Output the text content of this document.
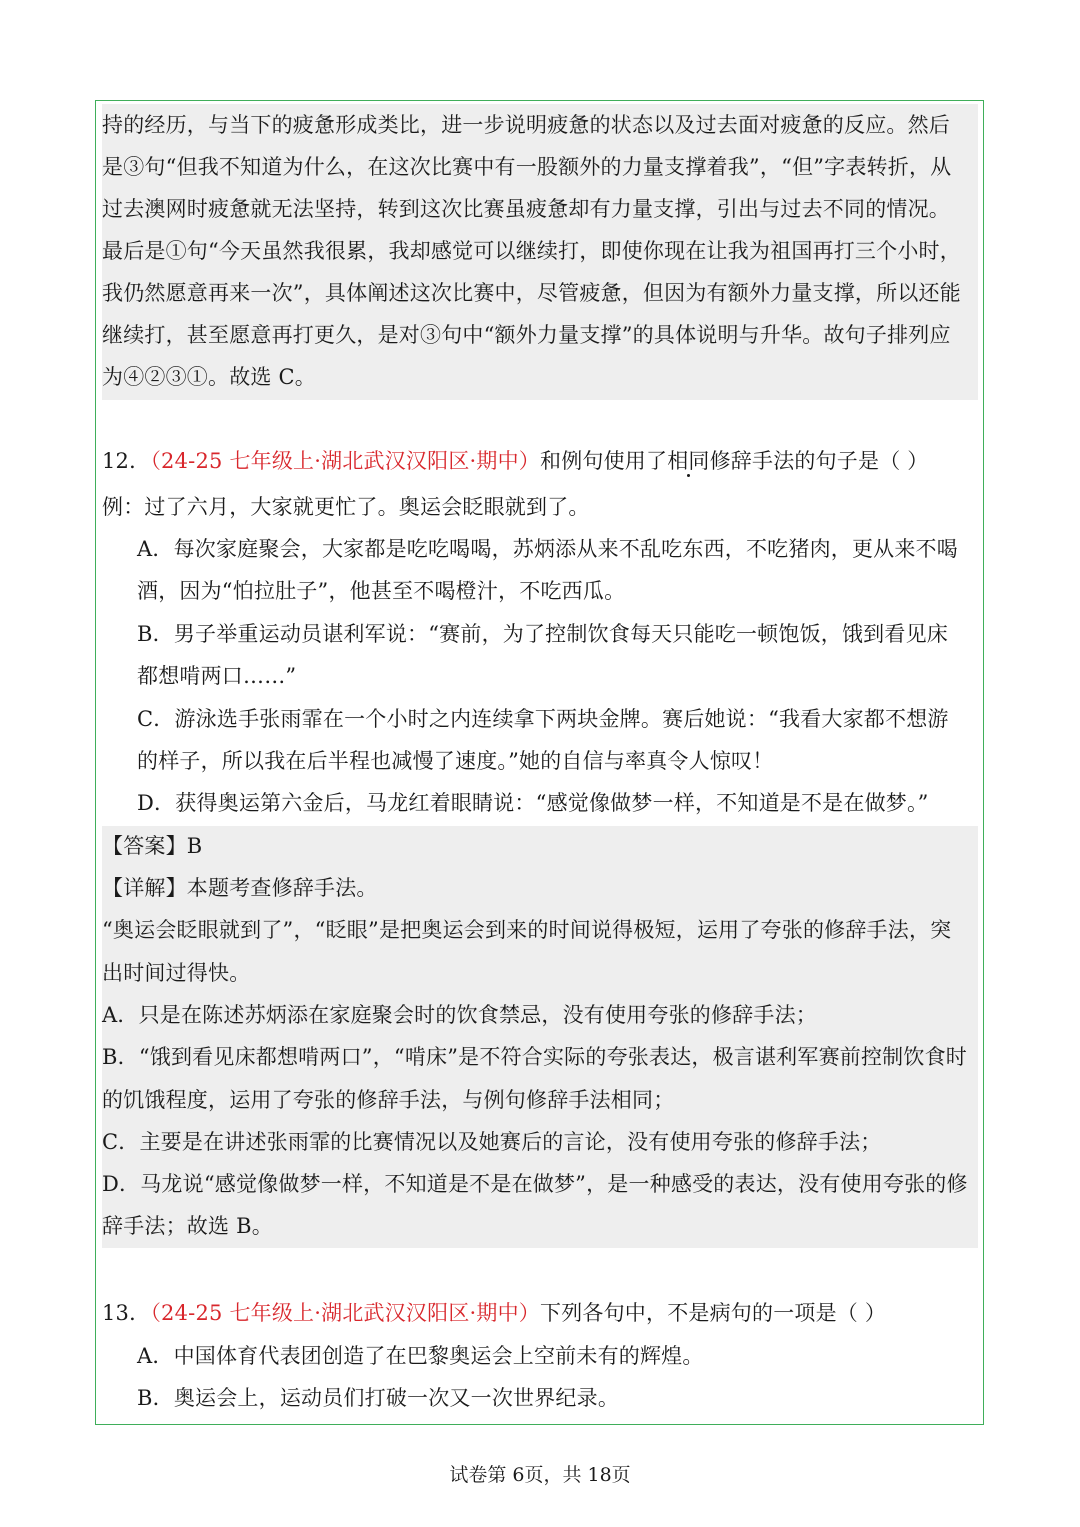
持的经历，与当下的疲惫形成类比，进一步说明疲惫的状态以及过去面对疲惫的反应。然后
是③句“但我不知道为什么，在这次比赛中有一股额外的力量支撑着我”，“但”字表转折，从
过去澳网时疲惫就无法坚持，转到这次比赛虽疲惫却有力量支撑，引出与过去不同的情况。
最后是①句“今天虽然我很累，我却感觉可以继续打，即使你现在让我为祖国再打三个小时，
我仍然愿意再来一次”，具体阐述这次比赛中，尽管疲惫，但因为有额外力量支撑，所以还能
继续打，甚至愿意再打更久，是对③句中“额外力量支撑”的具体说明与升华。故句子排列应
为④②③①。故选 C。
12．（24-25 七年级上·湖北武汉汉阳区·期中）和例句使用了相同修辞手法的句子是（ ）
例：过了六月，大家就更忙了。奥运会眨眼就到了。
A．每次家庭聚会，大家都是吃吃喝喝，苏炳添从来不乱吃东西，不吃猪肉，更从来不喝
酒，因为“怕拉肚子”，他甚至不喝橙汁，不吃西瓜。
B．男子举重运动员谌利军说：“赛前，为了控制饮食每天只能吃一顿饱饭，饿到看见床
都想啃两口……”
C．游泳选手张雨霏在一个小时之内连续拿下两块金牌。赛后她说：“我看大家都不想游
的样子，所以我在后半程也减慢了速度。”她的自信与率真令人惊叹！
D．获得奥运第六金后，马龙红着眼睛说：“感觉像做梦一样，不知道是不是在做梦。”
【答案】B
【详解】本题考查修辞手法。
“奥运会眨眼就到了”，“眨眼”是把奥运会到来的时间说得极短，运用了夸张的修辞手法，突
出时间过得快。
A．只是在陈述苏炳添在家庭聚会时的饮食禁忌，没有使用夸张的修辞手法；
B．“饿到看见床都想啃两口”，“啃床”是不符合实际的夸张表达，极言谌利军赛前控制饮食时
的饥饿程度，运用了夸张的修辞手法，与例句修辞手法相同；
C．主要是在讲述张雨霏的比赛情况以及她赛后的言论，没有使用夸张的修辞手法；
D．马龙说“感觉像做梦一样，不知道是不是在做梦”，是一种感受的表达，没有使用夸张的修
辞手法；故选 B。
13．（24-25 七年级上·湖北武汉汉阳区·期中）下列各句中，不是病句的一项是（ ）
A．中国体育代表团创造了在巴黎奥运会上空前未有的辉煌。
B．奥运会上，运动员们打破一次又一次世界纪录。
试卷第 6页，共 18页
